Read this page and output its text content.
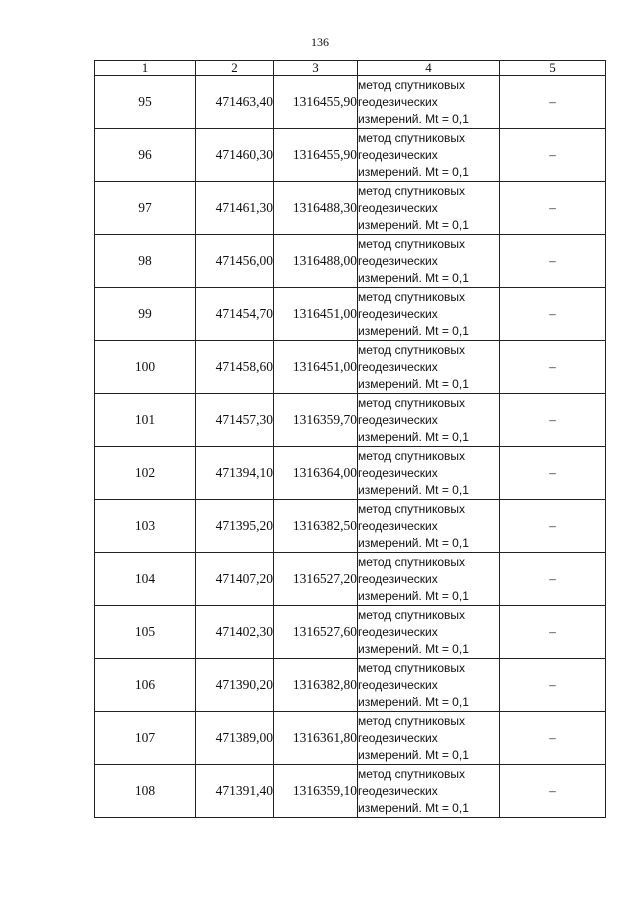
136
1	2	3	4	5
95	471463,40	1316455,90	метод спутниковых
геодезических
измерений. Mt = 0,1	–
96	471460,30	1316455,90	метод спутниковых
геодезических
измерений. Mt = 0,1	–
97	471461,30	1316488,30	метод спутниковых
геодезических
измерений. Mt = 0,1	–
98	471456,00	1316488,00	метод спутниковых
геодезических
измерений. Mt = 0,1	–
99	471454,70	1316451,00	метод спутниковых
геодезических
измерений. Mt = 0,1	–
100	471458,60	1316451,00	метод спутниковых
геодезических
измерений. Mt = 0,1	–
101	471457,30	1316359,70	метод спутниковых
геодезических
измерений. Mt = 0,1	–
102	471394,10	1316364,00	метод спутниковых
геодезических
измерений. Mt = 0,1	–
103	471395,20	1316382,50	метод спутниковых
геодезических
измерений. Mt = 0,1	–
104	471407,20	1316527,20	метод спутниковых
геодезических
измерений. Mt = 0,1	–
105	471402,30	1316527,60	метод спутниковых
геодезических
измерений. Mt = 0,1	–
106	471390,20	1316382,80	метод спутниковых
геодезических
измерений. Mt = 0,1	–
107	471389,00	1316361,80	метод спутниковых
геодезических
измерений. Mt = 0,1	–
108	471391,40	1316359,10	метод спутниковых
геодезических
измерений. Mt = 0,1	–
